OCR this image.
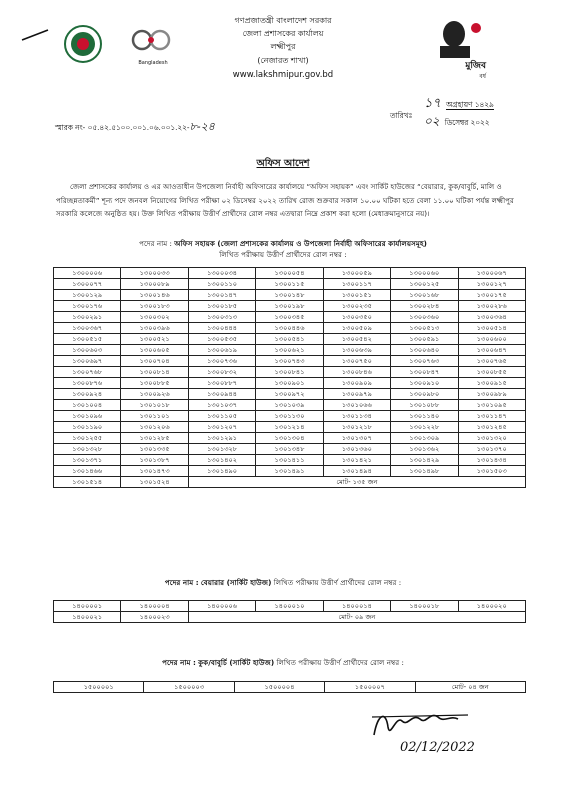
Bangladesh
গণপ্রজাতন্ত্রী বাংলাদেশ সরকার
জেলা প্রশাসকের কার্যালয়
লক্ষ্মীপুর
(নেজারত শাখা)
www.lakshmipur.gov.bd
মুজিব
বর্ষ
স্মারক নং- ০৫.৪২.৫১০০.০০১.০৬.০০১.২২-৮-২৪
তারিখঃ
১৭ অগ্রহায়ণ ১৪২৯
০২ ডিসেম্বর ২০২২
অফিস আদেশ
জেলা প্রশাসকের কার্যালয় ও এর আওতাধীন উপজেলা নির্বাহী অফিসারের কার্যালয়ে “অফিস সহায়ক” এবং সার্কিট হাউজের “বেয়ারার, কুক/বাবুর্চি, মালি ও পরিচ্ছন্নতাকর্মী” শূন্য পদে জনবল নিয়োগের লিখিত পরীক্ষা ০২ ডিসেম্বর ২০২২ তারিখ রোজ শুক্রবার সকাল ১০.০০ ঘটিকা হতে বেলা ১১.০০ ঘটিকা পর্যন্ত লক্ষ্মীপুর সরকারি কলেজে অনুষ্ঠিত হয়। উক্ত লিখিত পরীক্ষায় উত্তীর্ণ প্রার্থীদের রোল নম্বর এতদ্বারা নিম্নে প্রকাশ করা হলো (মেধাক্রমানুসারে নয়)।
পদের নাম : অফিস সহায়ক (জেলা প্রশাসকের কার্যালয় ও উপজেলা নির্বাহী অফিসারের কার্যালয়সমূহ)
লিখিত পরীক্ষায় উত্তীর্ণ প্রার্থীদের রোল নম্বর :
১৩০০০০৬	১৩০০০৩৩	১৩০০০৩৪	১৩০০০৫৪	১৩০০০৫৯	১৩০০০৬০	১৩০০০৬৭
১৩০০০৭৭	১৩০০০৮৯	১৩০০১১০	১৩০০১১৫	১৩০০১১৭	১৩০০১২৫	১৩০০১২৭
১৩০০১২৯	১৩০০১৪৬	১৩০০১৪৭	১৩০০১৪৮	১৩০০১৫১	১৩০০১৬৮	১৩০০১৭৫
১৩০০১৭৬	১৩০০১৮৩	১৩০০১৮৫	১৩০০১৯৮	১৩০০২৩৫	১৩০০২৮৪	১৩০০২৮৬
১৩০০২৯১	১৩০০৩০২	১৩০০৩১৩	১৩০০৩৪৫	১৩০০৩৫০	১৩০০৩৬০	১৩০০৩৬৪
১৩০০৩৬৭	১৩০০৩৯৬	১৩০০৪৪৪	১৩০০৪৪৬	১৩০০৫০৯	১৩০০৫১৩	১৩০০৫১৪
১৩০০৫১৫	১৩০০৫২১	১৩০০৫৩৫	১৩০০৫৪১	১৩০০৫৪২	১৩০০৫৯১	১৩০০৬০০
১৩০০৬০৩	১৩০০৬০৫	১৩০০৬১৯	১৩০০৬২১	১৩০০৬৩৯	১৩০০৬৪০	১৩০০৬৪৭
১৩০০৬৯৭	১৩০০৭০৪	১৩০০৭৩৬	১৩০০৭৪৩	১৩০০৭৫০	১৩০০৭৬৩	১৩০০৭৬৫
১৩০০৭৬৮	১৩০০৮১৪	১৩০০৮৩২	১৩০০৮৪১	১৩০০৮৪৬	১৩০০৮৪৭	১৩০০৮৫৫
১৩০০৮৭৬	১৩০০৮৮৫	১৩০০৮৮৭	১৩০০৯০১	১৩০০৯০৯	১৩০০৯১০	১৩০০৯১৫
১৩০০৯২৪	১৩০০৯২৬	১৩০০৯৪৪	১৩০০৯৭২	১৩০০৯৭৯	১৩০০৯৮০	১৩০০৯৮৯
১৩০১০০৪	১৩০১০১৮	১৩০১০৩৭	১৩০১০৩৯	১৩০১০৬৬	১৩০১০৮৮	১৩০১০৯৫
১৩০১০৯৬	১৩০১১০১	১৩০১১০৫	১৩০১১৩০	১৩০১১৩৪	১৩০১১৪০	১৩০১১৪৭
১৩০১১৯০	১৩০১২০৬	১৩০১২০৭	১৩০১২১৪	১৩০১২১৮	১৩০১২২৮	১৩০১২৪৫
১৩০১২৫৫	১৩০১২৮৫	১৩০১২৯১	১৩০১৩০৪	১৩০১৩০৭	১৩০১৩০৯	১৩০১৩২০
১৩০১৩২৮	১৩০১৩৩৫	১৩০১৩২৮	১৩০১৩৪৮	১৩০১৩৬০	১৩০১৩৬২	১৩০১৩৭০
১৩০১৩৭১	১৩০১৩৮৭	১৩০১৪০২	১৩০১৪১১	১৩০১৪২১	১৩০১৪২৯	১৩০১৪৩৪
১৩০১৪৬৬	১৩০১৪৭৩	১৩০১৪৯০	১৩০১৪৯১	১৩০১৪৯৪	১৩০১৪৯৮	১৩০১৫০৩
১৩০১৫১৪	১৩০১৫২৪	মোট- ১৩৫ জন				
পদের নাম : বেয়ারার (সার্কিট হাউজ) লিখিত পরীক্ষায় উত্তীর্ণ প্রার্থীদের রোল নম্বর :
১৪০০০০১	১৪০০০০৪	১৪০০০০৬	১৪০০০১০	১৪০০০১৪	১৪০০০১৮	১৪০০০২০
১৪০০০২১	১৪০০০২৩	মোট- ০৯ জন				
পদের নাম : কুক/বাবুর্চি (সার্কিট হাউজ) লিখিত পরীক্ষায় উত্তীর্ণ প্রার্থীদের রোল নম্বর :
১৫০০০০১	১৫০০০০৩	১৫০০০০৪	১৫০০০০৭	মোট- ০৪ জন
02/12/2022
